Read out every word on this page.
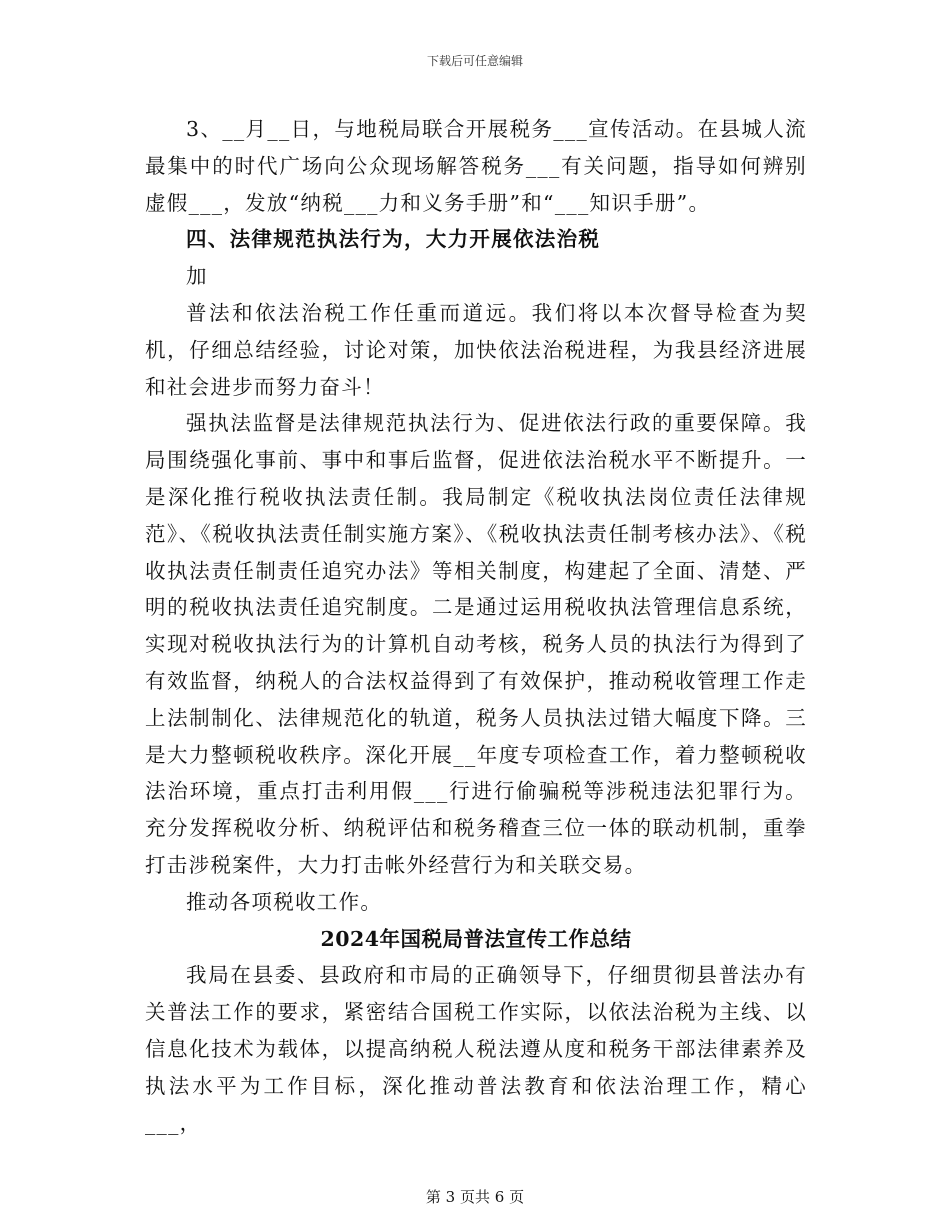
下载后可任意编辑

3、__月__日，与地税局联合开展税务___宣传活动。在县城人流最集中的时代广场向公众现场解答税务___有关问题，指导如何辨别虚假___，发放“纳税___力和义务手册”和“___知识手册”。

四、法律规范执法行为，大力开展依法治税

加

普法和依法治税工作任重而道远。我们将以本次督导检查为契机，仔细总结经验，讨论对策，加快依法治税进程，为我县经济进展和社会进步而努力奋斗！

强执法监督是法律规范执法行为、促进依法行政的重要保障。我局围绕强化事前、事中和事后监督，促进依法治税水平不断提升。一是深化推行税收执法责任制。我局制定《税收执法岗位责任法律规范》、《税收执法责任制实施方案》、《税收执法责任制考核办法》、《税收执法责任制责任追究办法》等相关制度，构建起了全面、清楚、严明的税收执法责任追究制度。二是通过运用税收执法管理信息系统，实现对税收执法行为的计算机自动考核，税务人员的执法行为得到了有效监督，纳税人的合法权益得到了有效保护，推动税收管理工作走上法制制化、法律规范化的轨道，税务人员执法过错大幅度下降。三是大力整顿税收秩序。深化开展__年度专项检查工作，着力整顿税收法治环境，重点打击利用假___行进行偷骗税等涉税违法犯罪行为。充分发挥税收分析、纳税评估和税务稽查三位一体的联动机制，重拳打击涉税案件，大力打击帐外经营行为和关联交易。

推动各项税收工作。

2024年国税局普法宣传工作总结

我局在县委、县政府和市局的正确领导下，仔细贯彻县普法办有关普法工作的要求，紧密结合国税工作实际，以依法治税为主线、以信息化技术为载体，以提高纳税人税法遵从度和税务干部法律素养及执法水平为工作目标，深化推动普法教育和依法治理工作，精心___，

第 3 页共 6 页
